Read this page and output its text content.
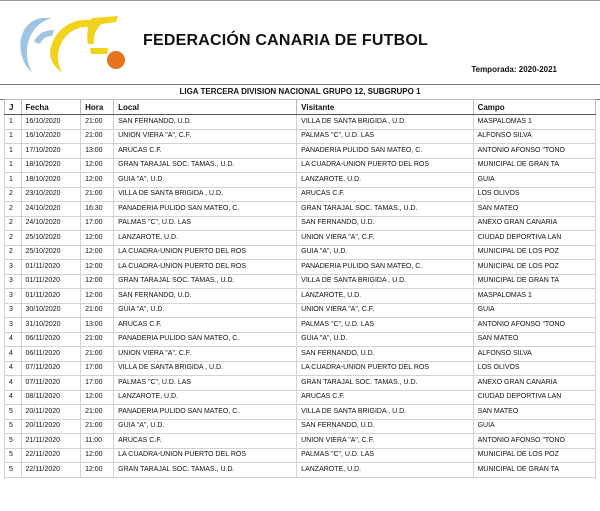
FEDERACIÓN CANARIA DE FUTBOL
Temporada: 2020-2021
LIGA TERCERA DIVISION NACIONAL GRUPO 12, SUBGRUPO 1
J	Fecha	Hora	Local	Visitante	Campo
1	16/10/2020	21:00	SAN FERNANDO, U.D.	VILLA DE SANTA BRIGIDA , U.D.	MASPALOMAS 1
1	16/10/2020	21:00	UNION VIERA "A", C.F.	PALMAS "C", U.D. LAS	ALFONSO SILVA
1	17/10/2020	13:00	ARUCAS C.F.	PANADERIA PULIDO SAN MATEO, C.	ANTONIO AFONSO "TONO
1	18/10/2020	12:00	GRAN TARAJAL SOC. TAMAS., U.D.	LA CUADRA-UNION PUERTO DEL ROS	MUNICIPAL DE GRAN TA
1	18/10/2020	12:00	GUIA "A", U.D.	LANZAROTE, U.D.	GUIA
2	23/10/2020	21:00	VILLA DE SANTA BRIGIDA , U.D.	ARUCAS C.F.	LOS OLIVOS
2	24/10/2020	16:30	PANADERIA PULIDO SAN MATEO, C.	GRAN TARAJAL SOC. TAMAS., U.D.	SAN MATEO
2	24/10/2020	17:00	PALMAS "C", U.D. LAS	SAN FERNANDO, U.D.	ANEXO GRAN CANARIA
2	25/10/2020	12:00	LANZAROTE, U.D.	UNION VIERA "A", C.F.	CIUDAD DEPORTIVA LAN
2	25/10/2020	12:00	LA CUADRA-UNION PUERTO DEL ROS	GUIA "A", U.D.	MUNICIPAL DE LOS POZ
3	01/11/2020	12:00	LA CUADRA-UNION PUERTO DEL ROS	PANADERIA PULIDO SAN MATEO, C.	MUNICIPAL DE LOS POZ
3	01/11/2020	12:00	GRAN TARAJAL SOC. TAMAS., U.D.	VILLA DE SANTA BRIGIDA , U.D.	MUNICIPAL DE GRAN TA
3	01/11/2020	12:00	SAN FERNANDO, U.D.	LANZAROTE, U.D.	MASPALOMAS 1
3	30/10/2020	21:00	GUIA "A", U.D.	UNION VIERA "A", C.F.	GUIA
3	31/10/2020	13:00	ARUCAS C.F.	PALMAS "C", U.D. LAS	ANTONIO AFONSO "TONO
4	06/11/2020	21:00	PANADERIA PULIDO SAN MATEO, C.	GUIA "A", U.D.	SAN MATEO
4	06/11/2020	21:00	UNION VIERA "A", C.F.	SAN FERNANDO, U.D.	ALFONSO SILVA
4	07/11/2020	17:00	VILLA DE SANTA BRIGIDA , U.D.	LA CUADRA-UNION PUERTO DEL ROS	LOS OLIVOS
4	07/11/2020	17:00	PALMAS "C", U.D. LAS	GRAN TARAJAL SOC. TAMAS., U.D.	ANEXO GRAN CANARIA
4	08/11/2020	12:00	LANZAROTE, U.D.	ARUCAS C.F.	CIUDAD DEPORTIVA LAN
5	20/11/2020	21:00	PANADERIA PULIDO SAN MATEO, C.	VILLA DE SANTA BRIGIDA , U.D.	SAN MATEO
5	20/11/2020	21:00	GUIA "A", U.D.	SAN FERNANDO, U.D.	GUIA
5	21/11/2020	11:00	ARUCAS C.F.	UNION VIERA "A", C.F.	ANTONIO AFONSO "TONO
5	22/11/2020	12:00	LA CUADRA-UNION PUERTO DEL ROS	PALMAS "C", U.D. LAS	MUNICIPAL DE LOS POZ
5	22/11/2020	12:00	GRAN TARAJAL SOC. TAMAS., U.D.	LANZAROTE, U.D.	MUNICIPAL DE GRAN TA
